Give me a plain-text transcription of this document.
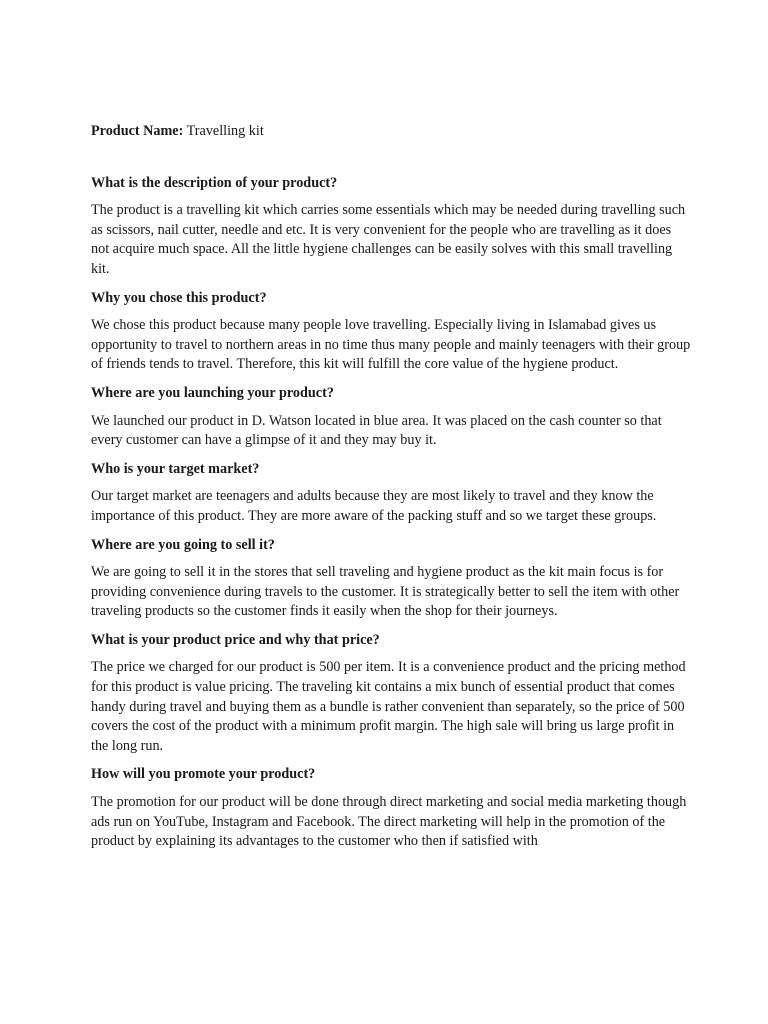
Product Name: Travelling kit

What is the description of your product?

The product is a travelling kit which carries some essentials which may be needed during travelling such as scissors, nail cutter, needle and etc. It is very convenient for the people who are travelling as it does not acquire much space. All the little hygiene challenges can be easily solves with this small travelling kit.

Why you chose this product?

We chose this product because many people love travelling. Especially living in Islamabad gives us opportunity to travel to northern areas in no time thus many people and mainly teenagers with their group of friends tends to travel. Therefore, this kit will fulfill the core value of the hygiene product.

Where are you launching your product?

We launched our product in D. Watson located in blue area. It was placed on the cash counter so that every customer can have a glimpse of it and they may buy it.

Who is your target market?

Our target market are teenagers and adults because they are most likely to travel and they know the importance of this product. They are more aware of the packing stuff and so we target these groups.

Where are you going to sell it?

We are going to sell it in the stores that sell traveling and hygiene product as the kit main focus is for providing convenience during travels to the customer. It is strategically better to sell the item with other traveling products so the customer finds it easily when the shop for their journeys.

What is your product price and why that price?

The price we charged for our product is 500 per item. It is a convenience product and the pricing method for this product is value pricing. The traveling kit contains a mix bunch of essential product that comes handy during travel and buying them as a bundle is rather convenient than separately, so the price of 500 covers the cost of the product with a minimum profit margin. The high sale will bring us large profit in the long run.

How will you promote your product?

The promotion for our product will be done through direct marketing and social media marketing though ads run on YouTube, Instagram and Facebook. The direct marketing will help in the promotion of the product by explaining its advantages to the customer who then if satisfied with
